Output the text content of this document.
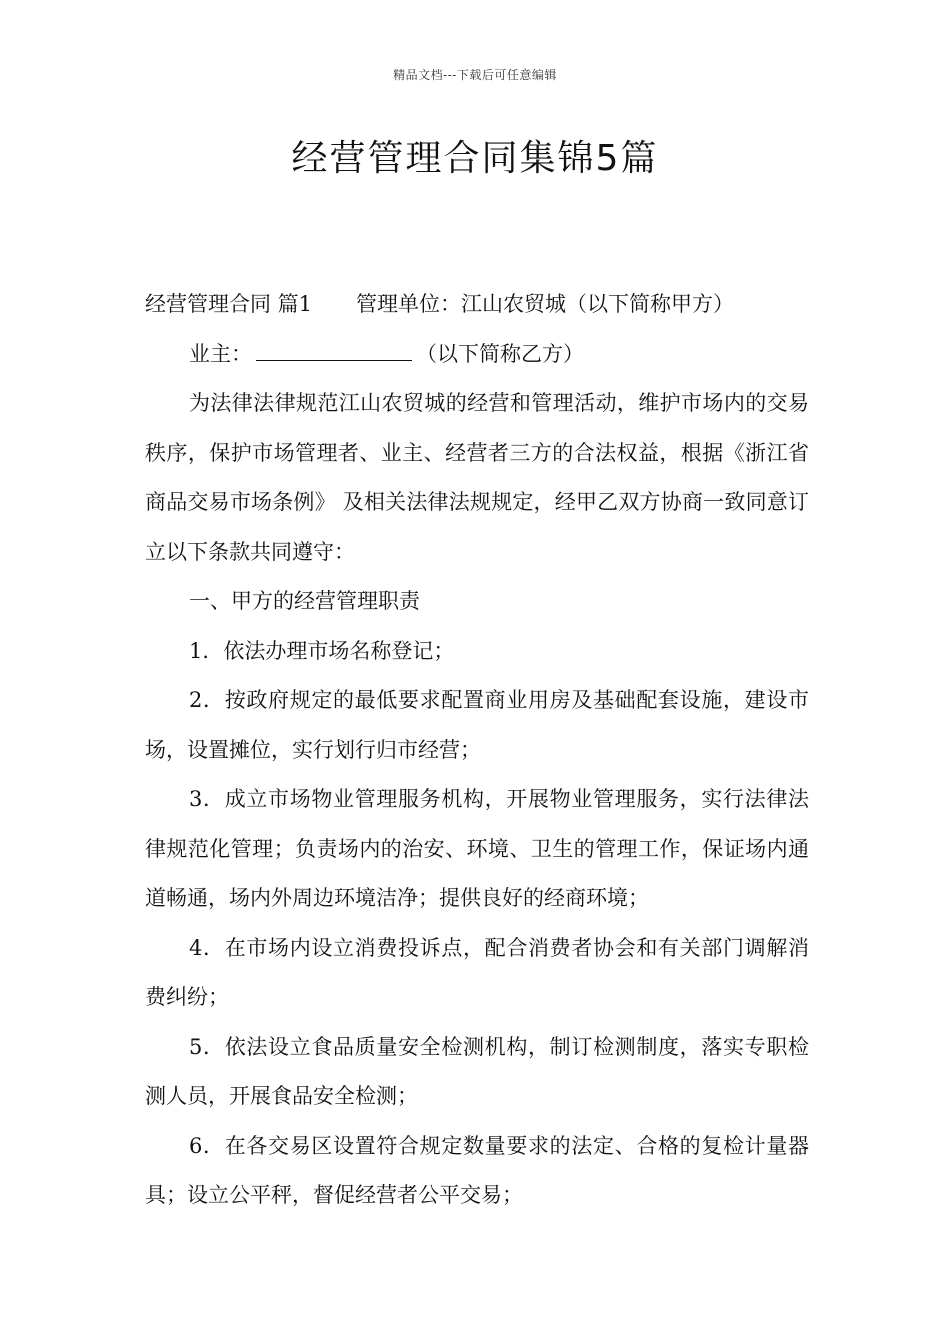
精品文档---下载后可任意编辑
经营管理合同集锦5篇

经营管理合同 篇1 管理单位：江山农贸城（以下简称甲方）

业主：	（以下简称乙方）

为法律法律规范江山农贸城的经营和管理活动，维护市场内的交易秩序，保护市场管理者、业主、经营者三方的合法权益，根据《浙江省商品交易市场条例》 及相关法律法规规定，经甲乙双方协商一致同意订立以下条款共同遵守：

一、甲方的经营管理职责

1．依法办理市场名称登记；

2．按政府规定的最低要求配置商业用房及基础配套设施，建设市场，设置摊位，实行划行归市经营；

3．成立市场物业管理服务机构，开展物业管理服务，实行法律法律规范化管理；负责场内的治安、环境、卫生的管理工作，保证场内通道畅通，场内外周边环境洁净；提供良好的经商环境；

4．在市场内设立消费投诉点，配合消费者协会和有关部门调解消费纠纷；

5．依法设立食品质量安全检测机构，制订检测制度，落实专职检测人员，开展食品安全检测；

6．在各交易区设置符合规定数量要求的法定、合格的复检计量器具；设立公平秤，督促经营者公平交易；
